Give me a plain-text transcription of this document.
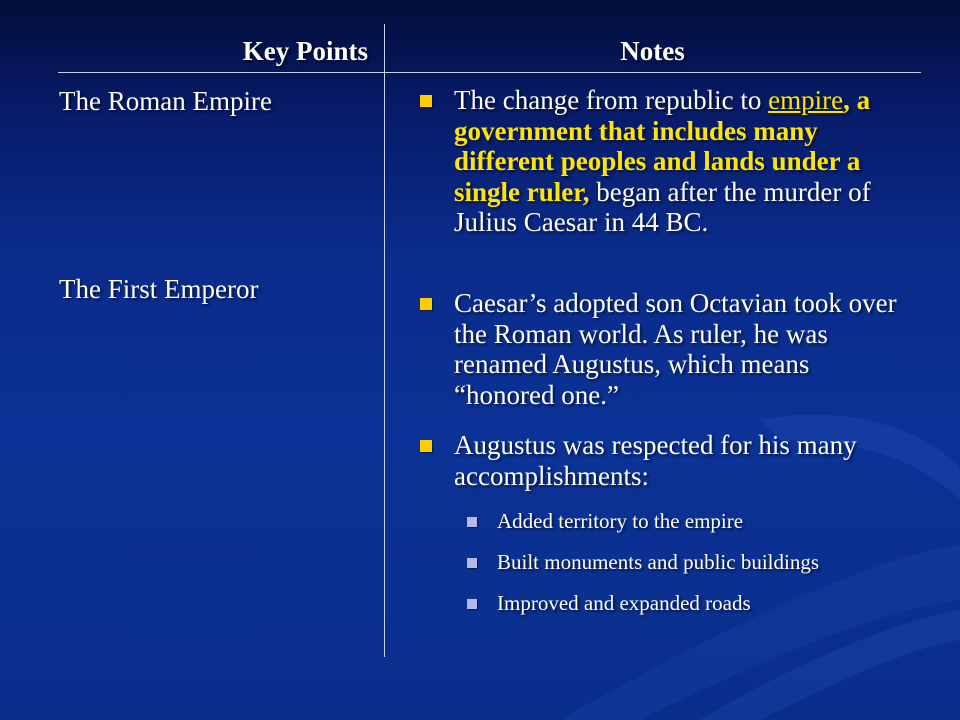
Key Points	Notes
The Roman Empire
The First Emperor
The change from republic to empire, a government that includes many different peoples and lands under a single ruler, began after the murder of Julius Caesar in 44 BC.
Caesar’s adopted son Octavian took over the Roman world. As ruler, he was renamed Augustus, which means “honored one.”
Augustus was respected for his many accomplishments:
Added territory to the empire
Built monuments and public buildings
Improved and expanded roads
